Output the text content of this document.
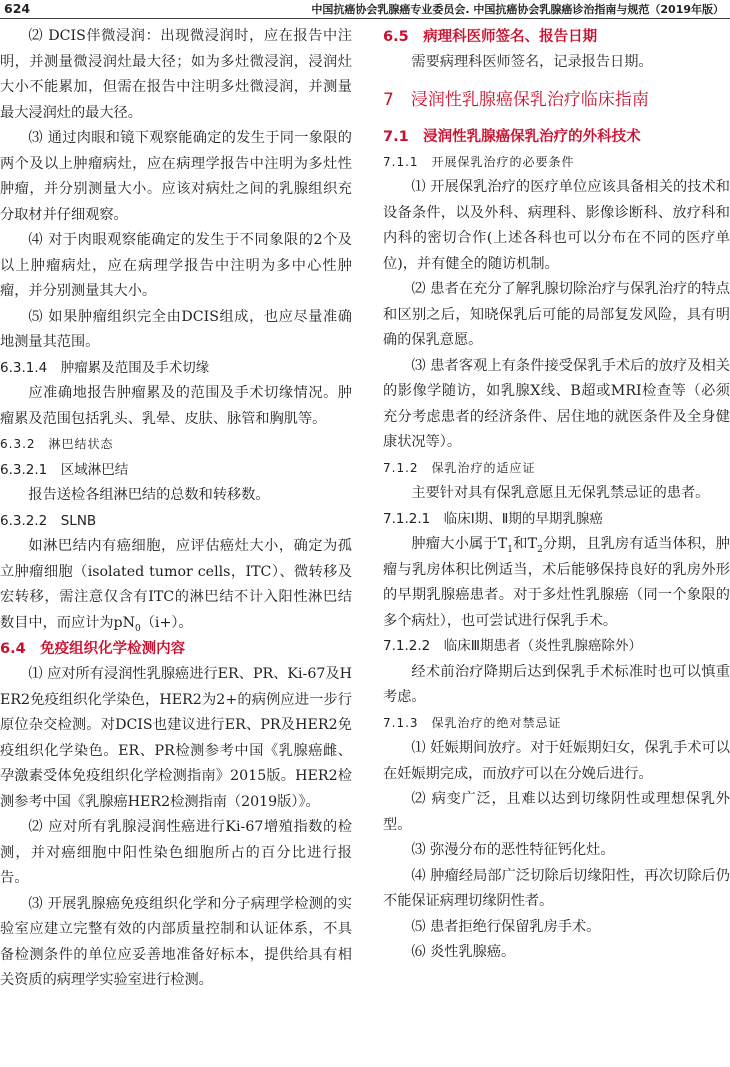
624	中国抗癌协会乳腺癌专业委员会. 中国抗癌协会乳腺癌诊治指南与规范（2019年版）

⑵ DCIS伴微浸润：出现微浸润时，应在报告中注明，并测量微浸润灶最大径；如为多灶微浸润，浸润灶大小不能累加，但需在报告中注明多灶微浸润，并测量最大浸润灶的最大径。

⑶ 通过肉眼和镜下观察能确定的发生于同一象限的两个及以上肿瘤病灶，应在病理学报告中注明为多灶性肿瘤，并分别测量大小。应该对病灶之间的乳腺组织充分取材并仔细观察。

⑷ 对于肉眼观察能确定的发生于不同象限的2个及以上肿瘤病灶，应在病理学报告中注明为多中心性肿瘤，并分别测量其大小。

⑸ 如果肿瘤组织完全由DCIS组成，也应尽量准确地测量其范围。

6.3.1.4　肿瘤累及范围及手术切缘

应准确地报告肿瘤累及的范围及手术切缘情况。肿瘤累及范围包括乳头、乳晕、皮肤、脉管和胸肌等。

6.3.2　淋巴结状态
6.3.2.1　区域淋巴结

报告送检各组淋巴结的总数和转移数。

6.3.2.2　SLNB

如淋巴结内有癌细胞，应评估癌灶大小，确定为孤立肿瘤细胞（isolated tumor cells，ITC）、微转移及宏转移，需注意仅含有ITC的淋巴结不计入阳性淋巴结数目中，而应计为$pN_0(i+)$。

6.4　免疫组织化学检测内容

⑴ 应对所有浸润性乳腺癌进行ER、PR、Ki-67及HER2免疫组织化学染色，HER2为2+的病例应进一步行原位杂交检测。对DCIS也建议进行ER、PR及HER2免疫组织化学染色。ER、PR检测参考中国《乳腺癌雌、孕激素受体免疫组织化学检测指南》2015版。HER2检测参考中国《乳腺癌HER2检测指南（2019版）》。

⑵ 应对所有乳腺浸润性癌进行Ki-67增殖指数的检测，并对癌细胞中阳性染色细胞所占的百分比进行报告。

⑶ 开展乳腺癌免疫组织化学和分子病理学检测的实验室应建立完整有效的内部质量控制和认证体系，不具备检测条件的单位应妥善地准备好标本，提供给具有相关资质的病理学实验室进行检测。

6.5　病理科医师签名、报告日期

需要病理科医师签名，记录报告日期。

7　浸润性乳腺癌保乳治疗临床指南
7.1　浸润性乳腺癌保乳治疗的外科技术
7.1.1　开展保乳治疗的必要条件

⑴ 开展保乳治疗的医疗单位应该具备相关的技术和设备条件，以及外科、病理科、影像诊断科、放疗科和内科的密切合作(上述各科也可以分布在不同的医疗单位)，并有健全的随访机制。

⑵ 患者在充分了解乳腺切除治疗与保乳治疗的特点和区别之后，知晓保乳后可能的局部复发风险，具有明确的保乳意愿。

⑶ 患者客观上有条件接受保乳手术后的放疗及相关的影像学随访，如乳腺X线、B超或MRI检查等（必须充分考虑患者的经济条件、居住地的就医条件及全身健康状况等）。

7.1.2　保乳治疗的适应证

主要针对具有保乳意愿且无保乳禁忌证的患者。

7.1.2.1　临床Ⅰ期、Ⅱ期的早期乳腺癌

肿瘤大小属于$T_1$和$T_2$分期，且乳房有适当体积，肿瘤与乳房体积比例适当，术后能够保持良好的乳房外形的早期乳腺癌患者。对于多灶性乳腺癌（同一个象限的多个病灶），也可尝试进行保乳手术。

7.1.2.2　临床Ⅲ期患者（炎性乳腺癌除外）

经术前治疗降期后达到保乳手术标准时也可以慎重考虑。

7.1.3　保乳治疗的绝对禁忌证

⑴ 妊娠期间放疗。对于妊娠期妇女，保乳手术可以在妊娠期完成，而放疗可以在分娩后进行。

⑵ 病变广泛，且难以达到切缘阴性或理想保乳外型。

⑶ 弥漫分布的恶性特征钙化灶。

⑷ 肿瘤经局部广泛切除后切缘阳性，再次切除后仍不能保证病理切缘阴性者。

⑸ 患者拒绝行保留乳房手术。

⑹ 炎性乳腺癌。
